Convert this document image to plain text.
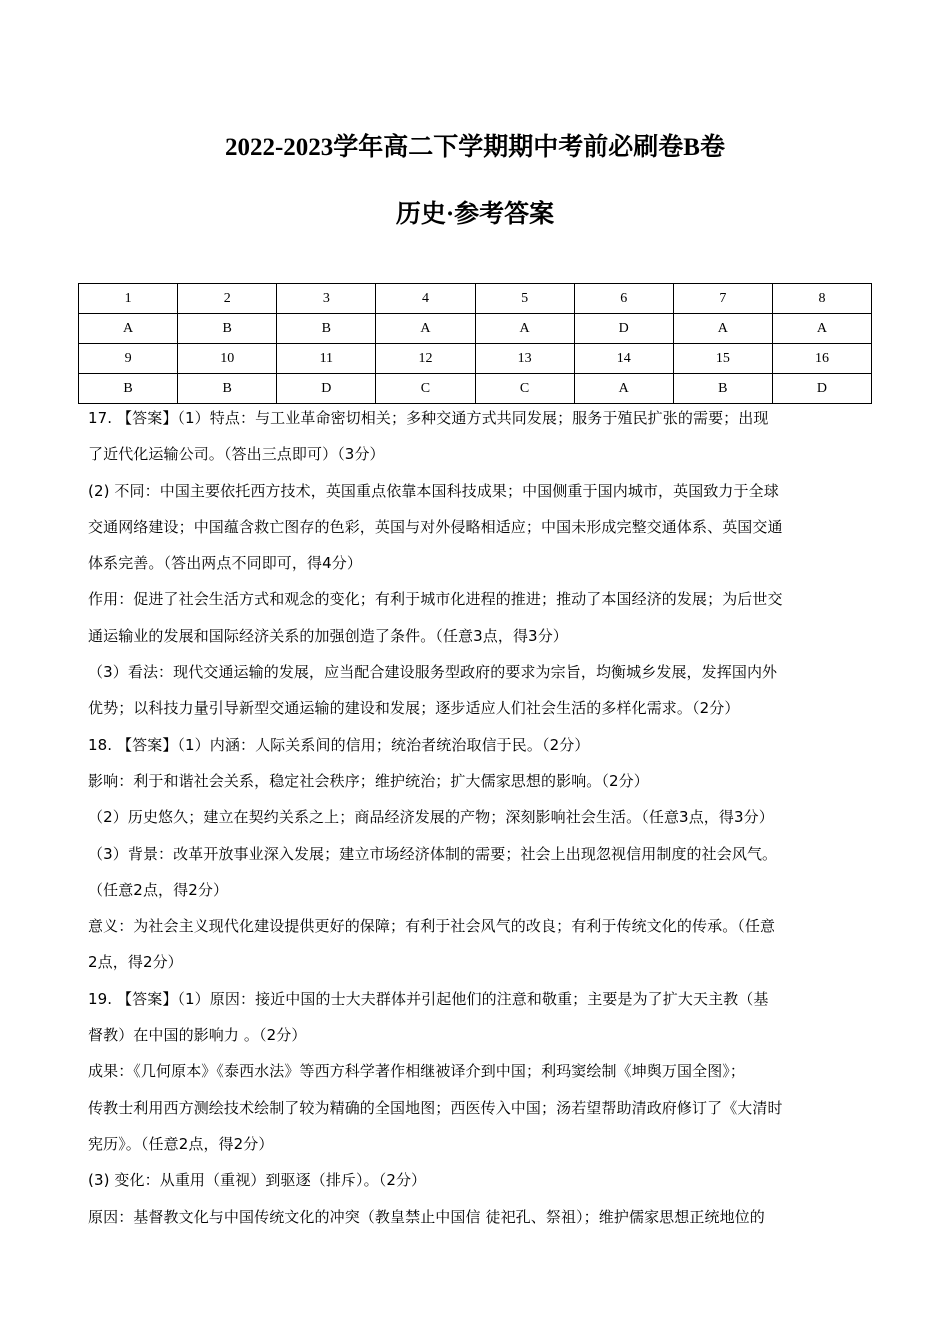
2022-2023学年高二下学期期中考前必刷卷B卷
历史·参考答案
1	2	3	4	5	6	7	8
A	B	B	A	A	D	A	A
9	10	11	12	13	14	15	16
B	B	D	C	C	A	B	D
17. 【答案】（1）特点：与工业革命密切相关；多种交通方式共同发展；服务于殖民扩张的需要；出现
了近代化运输公司。（答出三点即可）（3分）
(2) 不同：中国主要依托西方技术，英国重点依靠本国科技成果；中国侧重于国内城市，英国致力于全球
交通网络建设；中国蕴含救亡图存的色彩，英国与对外侵略相适应；中国未形成完整交通体系、英国交通
体系完善。（答出两点不同即可，得4分）
作用：促进了社会生活方式和观念的变化；有利于城市化进程的推进；推动了本国经济的发展；为后世交
通运输业的发展和国际经济关系的加强创造了条件。（任意3点，得3分）
（3）看法：现代交通运输的发展，应当配合建设服务型政府的要求为宗旨，均衡城乡发展，发挥国内外
优势；以科技力量引导新型交通运输的建设和发展；逐步适应人们社会生活的多样化需求。（2分）
18. 【答案】（1）内涵：人际关系间的信用；统治者统治取信于民。（2分）
影响：利于和谐社会关系，稳定社会秩序；维护统治；扩大儒家思想的影响。（2分）
（2）历史悠久；建立在契约关系之上；商品经济发展的产物；深刻影响社会生活。（任意3点，得3分）
（3）背景：改革开放事业深入发展；建立市场经济体制的需要；社会上出现忽视信用制度的社会风气。
（任意2点，得2分）
意义：为社会主义现代化建设提供更好的保障；有利于社会风气的改良；有利于传统文化的传承。（任意
2点，得2分）
19. 【答案】（1）原因：接近中国的士大夫群体并引起他们的注意和敬重；主要是为了扩大天主教（基
督教）在中国的影响力 。（2分）
成果：《几何原本》《泰西水法》等西方科学著作相继被译介到中国；利玛窦绘制《坤舆万国全图》；
传教士利用西方测绘技术绘制了较为精确的全国地图；西医传入中国；汤若望帮助清政府修订了《大清时
宪历》。（任意2点，得2分）
(3) 变化：从重用（重视）到驱逐（排斥）。（2分）
原因：基督教文化与中国传统文化的冲突（教皇禁止中国信 徒祀孔、祭祖）；维护儒家思想正统地位的
